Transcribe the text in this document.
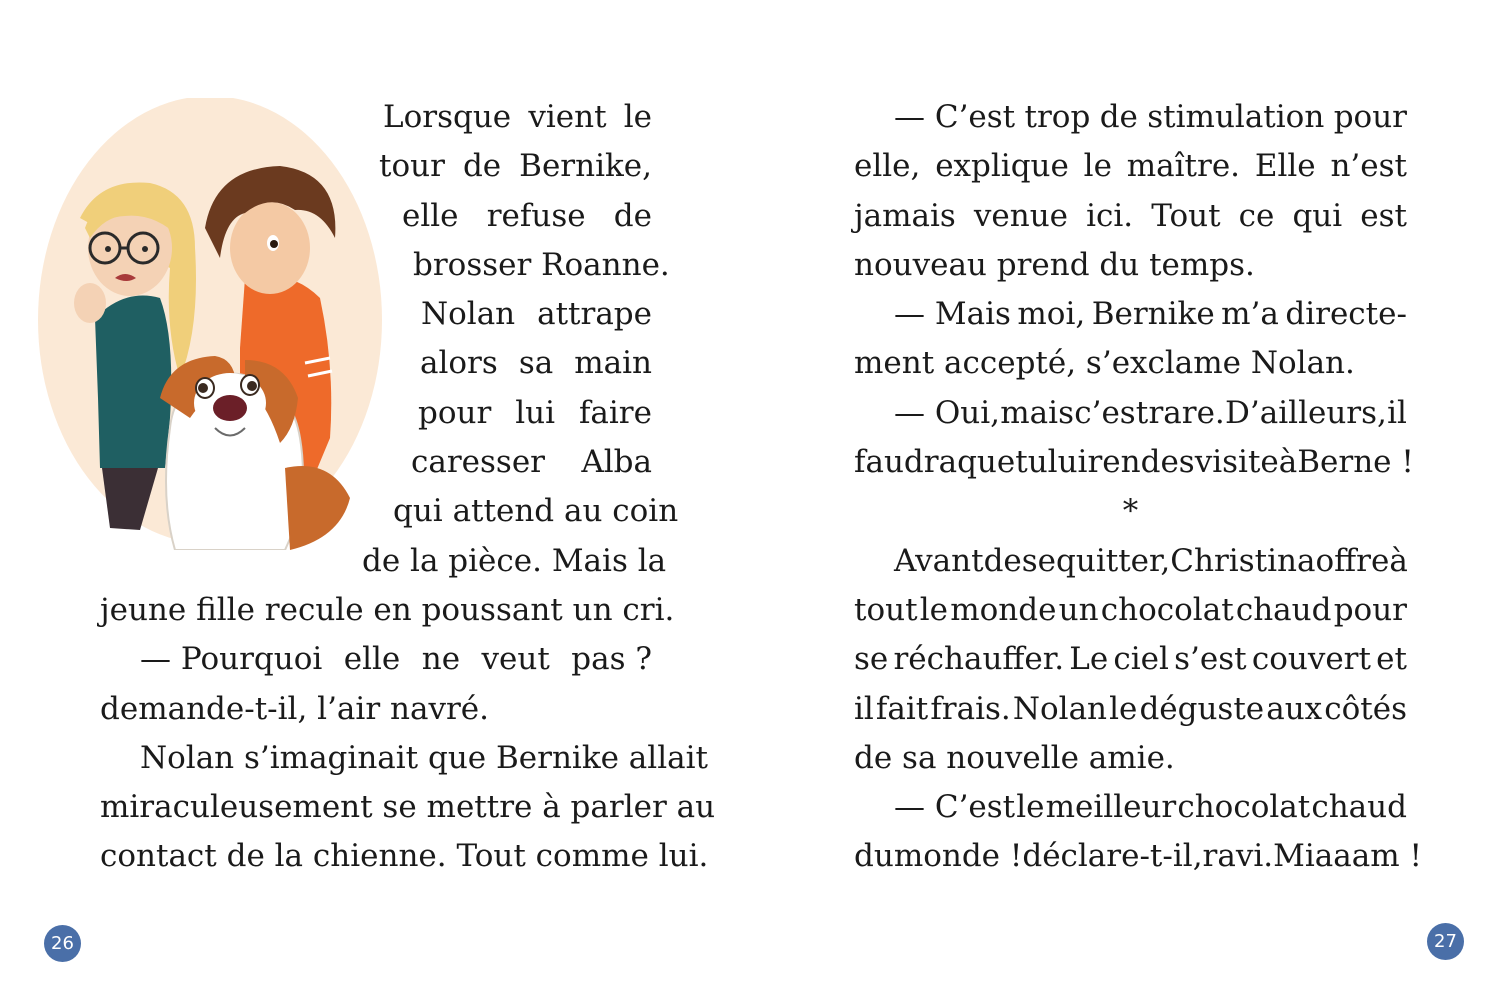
Lorsque vient le
tour de Bernike,
elle refuse de
brosser Roanne.
Nolan attrape
alors sa main
pour lui faire
caresser Alba
qui attend au coin
de la pièce. Mais la
jeune fille recule en poussant un cri.
— Pourquoi elle ne veut pas ?
demande-t-il, l’air navré.
Nolan s’imaginait que Bernike allait
miraculeusement se mettre à parler au
contact de la chienne. Tout comme lui.
26
— C’est trop de stimulation pour
elle, explique le maître. Elle n’est
jamais venue ici. Tout ce qui est
nouveau prend du temps.
— Mais moi, Bernike m’a directe-
ment accepté, s’exclame Nolan.
— Oui, mais c’est rare. D’ailleurs, il
faudra que tu lui rendes visite à Berne !
*
Avant de se quitter, Christina offre à
tout le monde un chocolat chaud pour
se réchauffer. Le ciel s’est couvert et
il fait frais. Nolan le déguste aux côtés
de sa nouvelle amie.
— C’est le meilleur chocolat chaud
du monde ! déclare-t-il, ravi. Miaaam !
27
